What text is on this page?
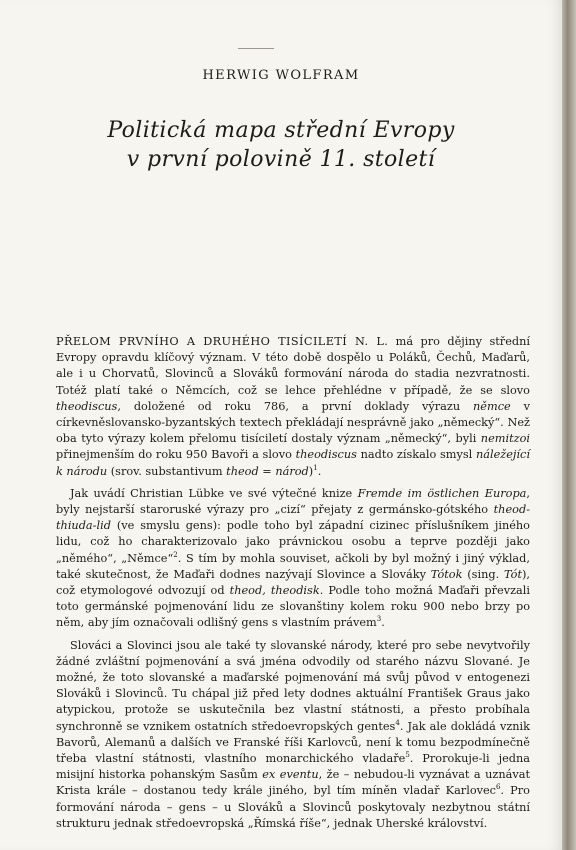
HERWIG WOLFRAM
Politická mapa střední Evropy
v první polovině 11. století

PŘELOM PRVNÍHO A DRUHÉHO TISÍCILETÍ N. L. má pro dějiny střední Evropy opravdu klíčový význam. V této době dospělo u Poláků, Čechů, Maďarů, ale i u Chorvatů, Slovinců a Slováků formování národa do stadia nezvratnosti. Totéž platí také o Němcích, což se lehce přehlédne v případě, že se slovo theodiscus, doložené od roku 786, a první doklady výrazu němce v církevněslovansko-byzantských textech překládají nesprávně jako „německý“. Než oba tyto výrazy kolem přelomu tisíciletí dostaly význam „německý“, byli nemitzoi přinejmenším do roku 950 Bavoři a slovo theodiscus nadto získalo smysl náležející k národu (srov. substantivum theod = národ)$^1$.

Jak uvádí Christian Lübke ve své výtečné knize Fremde im östlichen Europa, byly nejstarší staroruské výrazy pro „cizí“ přejaty z germánsko-gótského theod-thiuda-lid (ve smyslu gens): podle toho byl západní cizinec příslušníkem jiného lidu, což ho charakterizovalo jako právnickou osobu a teprve později jako „němého“, „Němce“$^2$. S tím by mohla souviset, ačkoli by byl možný i jiný výklad, také skutečnost, že Maďaři dodnes nazývají Slovince a Slováky Tótok (sing. Tót), což etymologové odvozují od theod, theodisk. Podle toho možná Maďaři převzali toto germánské pojmenování lidu ze slovanštiny kolem roku 900 nebo brzy po něm, aby jím označovali odlišný gens s vlastním právem$^3$.

Slováci a Slovinci jsou ale také ty slovanské národy, které pro sebe nevytvořily žádné zvláštní pojmenování a svá jména odvodily od starého názvu Slované. Je možné, že toto slovanské a maďarské pojmenování má svůj původ v entogenezi Slováků i Slovinců. Tu chápal již před lety dodnes aktuální František Graus jako atypickou, protože se uskutečnila bez vlastní státnosti, a přesto probíhala synchronně se vznikem ostatních středoevropských gentes$^4$. Jak ale dokládá vznik Bavorů, Alemanů a dalších ve Franské říši Karlovců, není k tomu bezpodmínečně třeba vlastní státnosti, vlastního monarchického vladaře$^5$. Prorokuje-li jedna misijní historka pohanským Sasům ex eventu, že – nebudou-li vyznávat a uznávat Krista krále – dostanou tedy krále jiného, byl tím míněn vladař Karlovec$^6$. Pro formování národa – gens – u Slováků a Slovinců poskytovaly nezbytnou státní strukturu jednak středoevropská „Římská říše“, jednak Uherské království.
